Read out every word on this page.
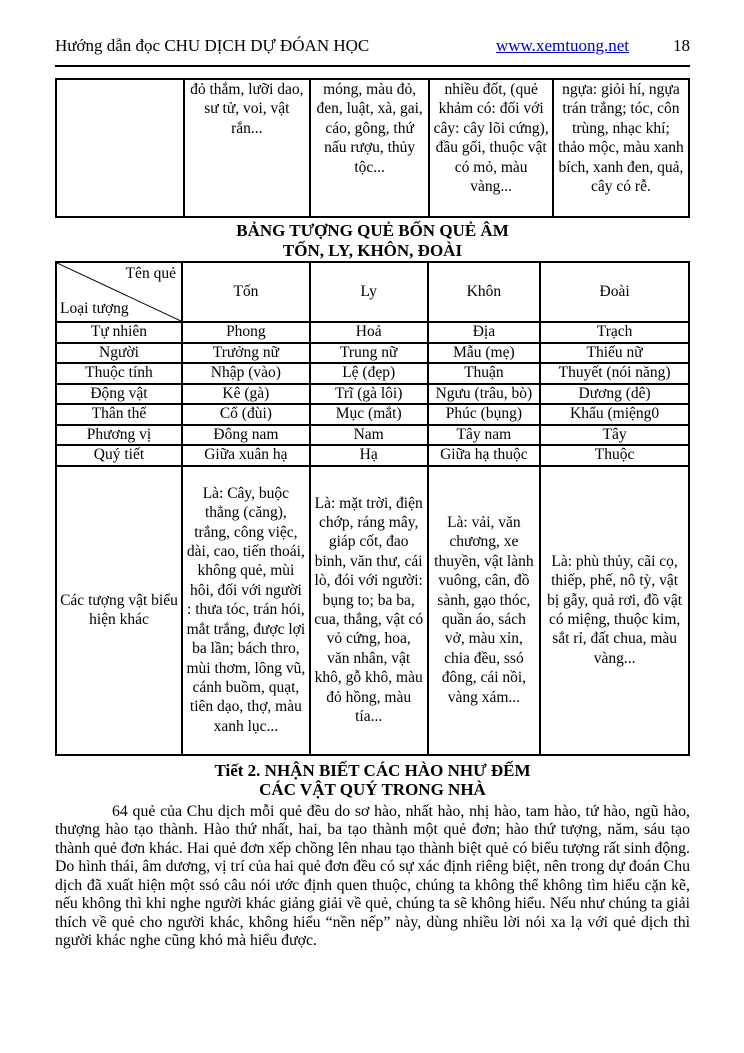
Hướng dẫn đọc CHU DỊCH DỰ ĐÓAN HỌC	www.xemtuong.net	18
	đỏ thắm, lưỡi dao, sư tử, voi, vật rắn...	móng, màu đỏ, đen, luật, xà, gai, cáo, gông, thứ nấu rượu, thủy tộc...	nhiều đốt, (quẻ khảm có: đối với cây: cây lõi cứng), đầu gối, thuộc vật có mỏ, màu vàng...	ngựa: giỏi hí, ngựa trán trắng; tóc, côn trùng, nhạc khí; thảo mộc, màu xanh bích, xanh đen, quả, cây có rễ.
BẢNG TƯỢNG QUẺ BỐN QUẺ ÂM
TỐN, LY, KHÔN, ĐOÀI
Tên quẻ
Loại tượng	Tốn	Ly	Khôn	Đoài
Tự nhiên	Phong	Hoả	Địa	Trạch
Người	Trưởng nữ	Trung nữ	Mẫu (mẹ)	Thiếu nữ
Thuộc tính	Nhập (vào)	Lệ (đẹp)	Thuận	Thuyết (nói năng)
Động vật	Kê (gà)	Trĩ (gà lôi)	Ngưu (trâu, bò)	Dương (dê)
Thân thể	Cổ (đùi)	Mục (mắt)	Phúc (bụng)	Khẩu (miệng0
Phương vị	Đông nam	Nam	Tây nam	Tây
Quý tiết	Giữa xuân hạ	Hạ	Giữa hạ thuộc	Thuộc
Các tượng vật biểu hiện khác	Là: Cây, buộc thẳng (căng), trắng, công việc, dài, cao, tiến thoái, không quẻ, mùi hôi, đối với người : thưa tóc, trán hói, mắt trắng, được lợi ba lần; bách thro, mùi thơm, lông vũ, cánh buồm, quạt, tiên dạo, thợ, màu xanh lục...	Là: mặt trời, điện chớp, ráng mây, giáp cốt, đao binh, văn thư, cái lò, đói với người: bụng to; ba ba, cua, thắng, vật có vỏ cứng, hoa, văn nhân, vật khô, gỗ khô, màu đỏ hồng, màu tía...	Là: vải, văn chương, xe thuyền, vật lành vuông, cân, đồ sành, gạo thóc, quần áo, sách vở, màu xỉn, chia đều, ssó đông, cái nồi, vàng xám...	Là: phù thủy, cãi cọ, thiếp, phế, nô tỳ, vật bị gẫy, quả rơi, đồ vật có miệng, thuộc kim, sắt rỉ, đất chua, màu vàng...
Tiết 2. NHẬN BIẾT CÁC HÀO NHƯ ĐẾM
CÁC VẬT QUÝ TRONG NHÀ

64 quẻ của Chu dịch mỗi quẻ đều do sơ hào, nhất hào, nhị hào, tam hào, tứ hào, ngũ hào, thượng hào tạo thành. Hào thứ nhất, hai, ba tạo thành một quẻ đơn; hào thứ tượng, năm, sáu tạo thành quẻ đơn khác. Hai quẻ đơn xếp chồng lên nhau tạo thành biệt quẻ có biểu tượng rất sinh động. Do hình thái, âm dương, vị trí của hai quẻ đơn đều có sự xác định riêng biệt, nên trong dự đoán Chu dịch đã xuất hiện một ssó câu nói ước định quen thuộc, chúng ta không thể không tìm hiểu cặn kẽ, nếu không thì khi nghe người khác giảng giải về quẻ, chúng ta sẽ không hiểu. Nếu như chúng ta giải thích về quẻ cho người khác, không hiểu “nền nếp” này, dùng nhiều lời nói xa lạ với quẻ dịch thì người khác nghe cũng khó mà hiểu được.
